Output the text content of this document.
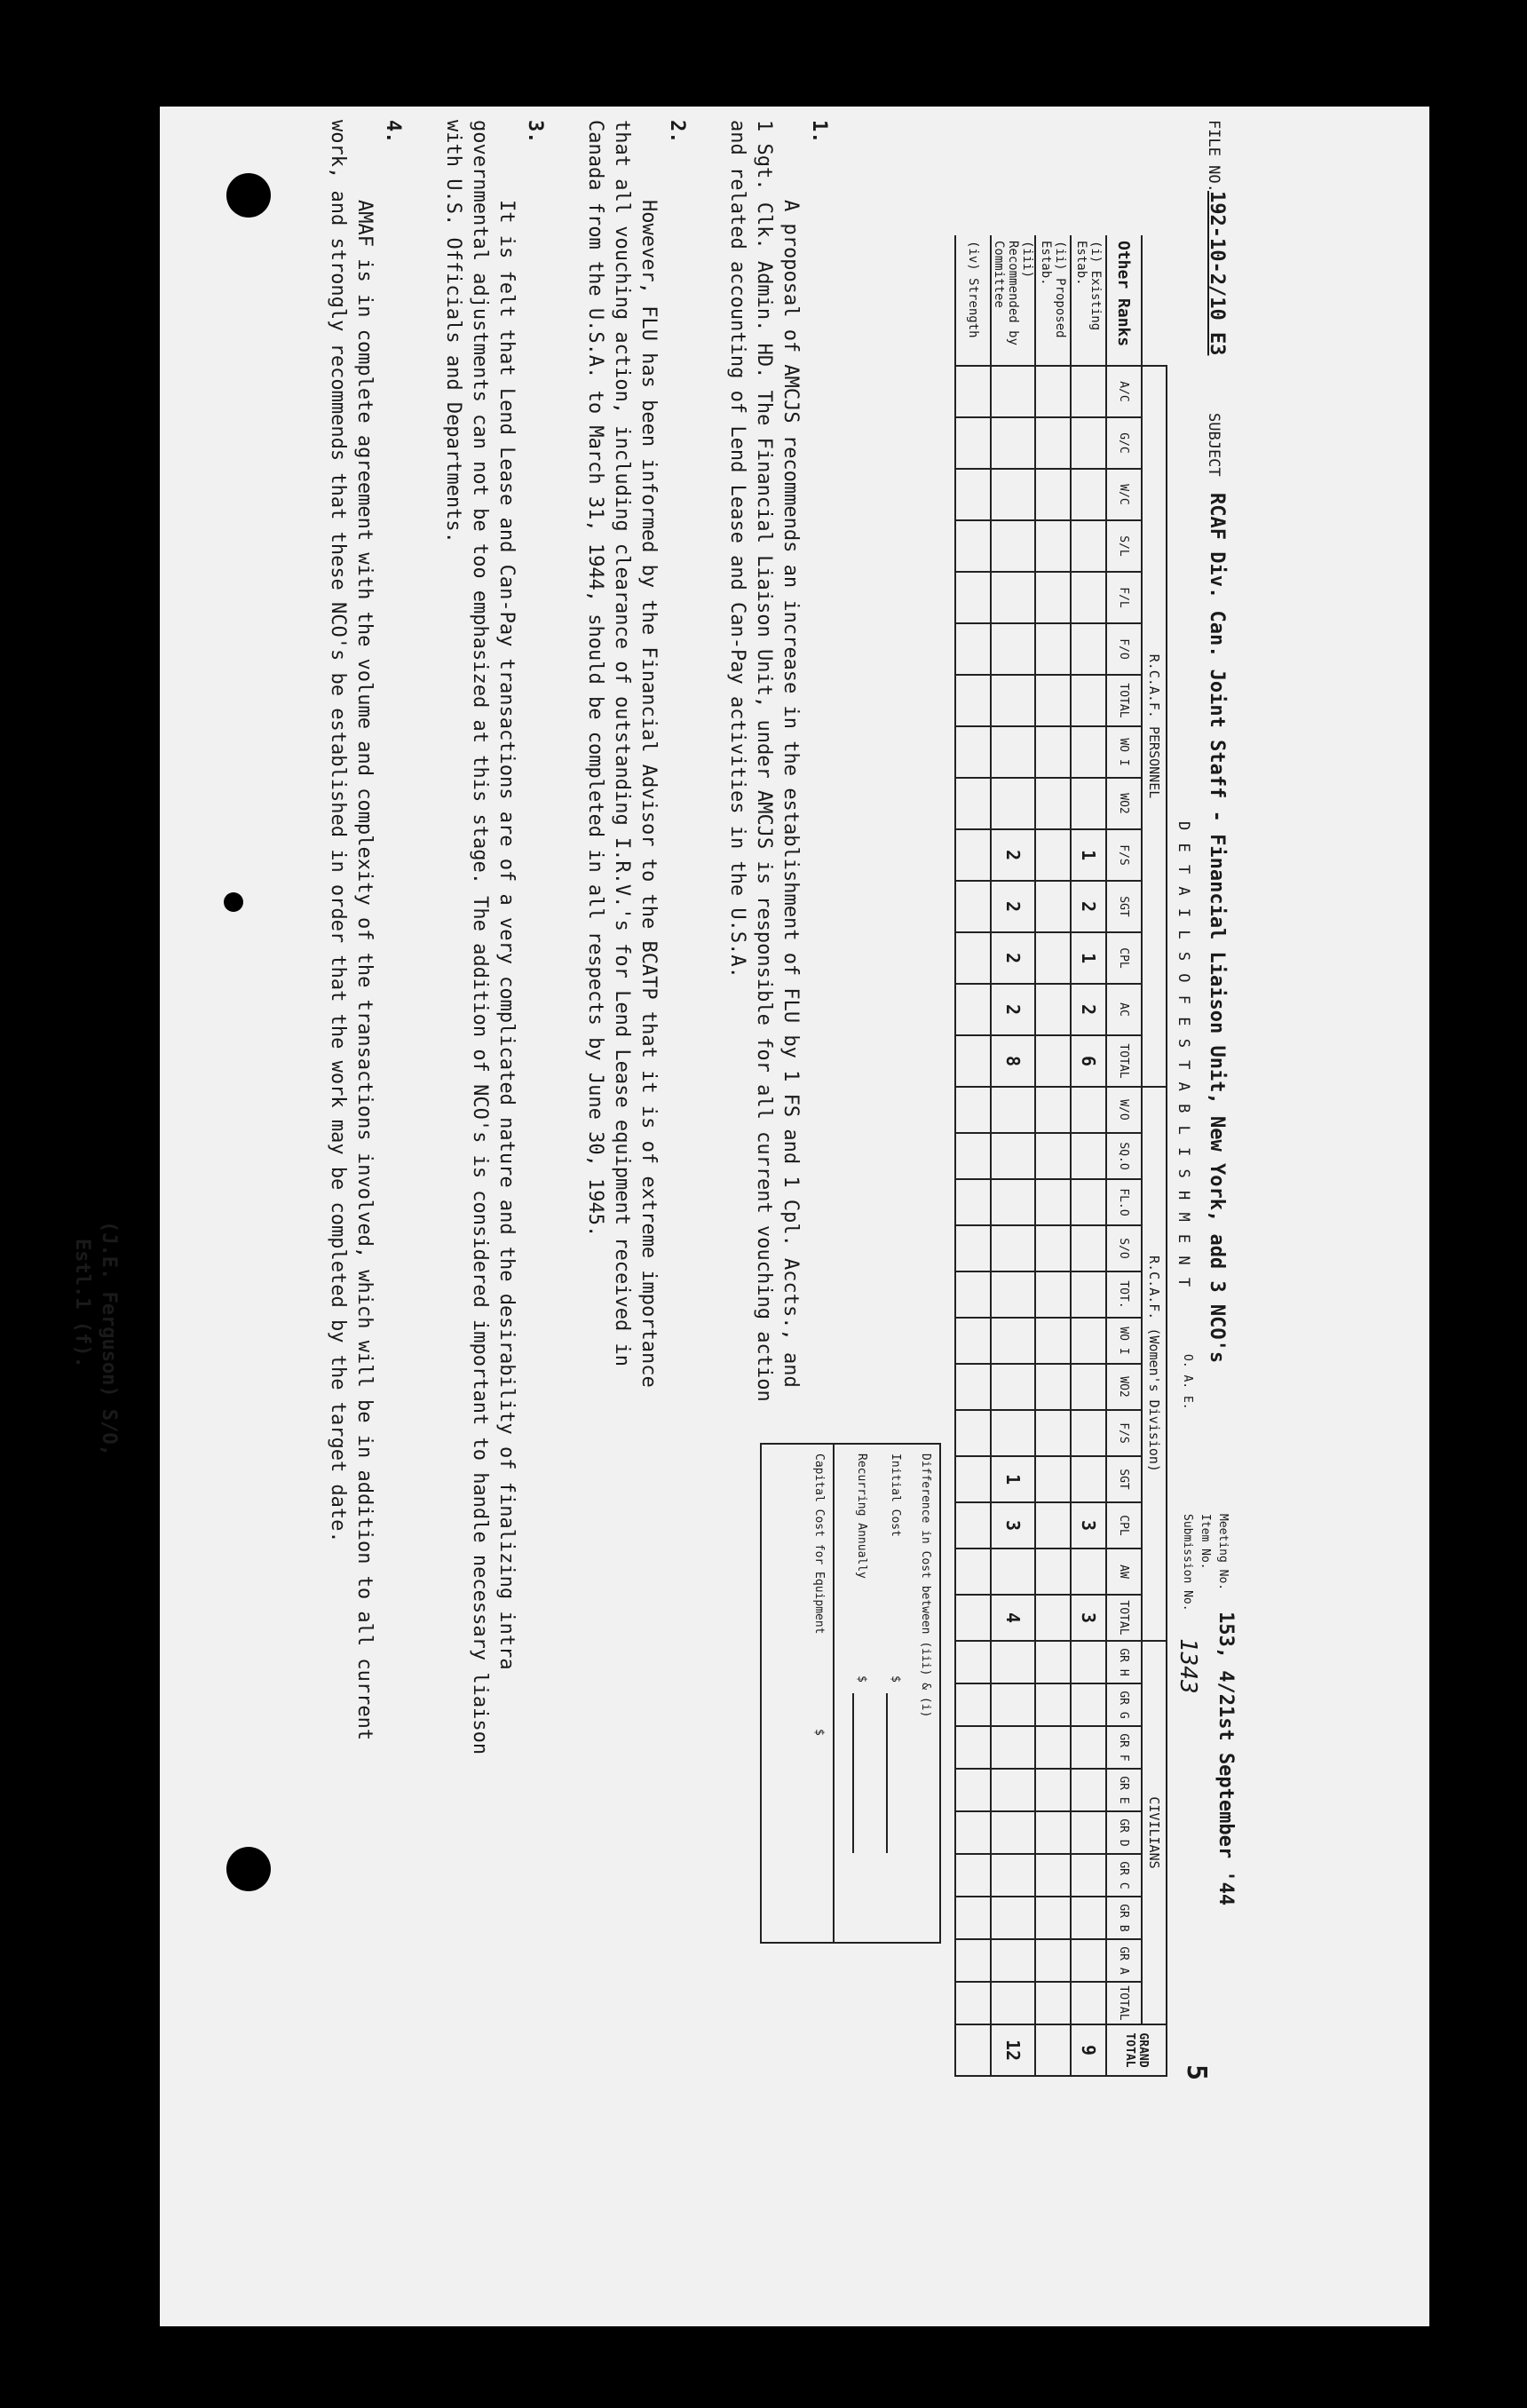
FILE NO.
192-10-2/10 E3
SUBJECT
RCAF Div. Can. Joint Staff - Financial Liaison Unit, New York, add 3 NCO's
Meeting No.
153, 4/21st September '44
Item No.
5
Submission No.
1343
O. A. E.
D E T A I L S O F E S T A B L I S H M E N T
	R.C.A.F. PERSONNEL														R.C.A.F. (Women's Division)												CIVILIANS									GRAND TOTAL
Other Ranks	A/C	G/C	W/C	S/L	F/L	F/O	TOTAL	WO I	WO2	F/S	SGT	CPL	AC	TOTAL	W/O	SQ.O	FL.O	S/O	TOT.	WO I	WO2	F/S	SGT	CPL	AW	TOTAL	GR H	GR G	GR F	GR E	GR D	GR C	GR B	GR A	TOTAL	
(i) Existing Estab.										1	2	1	2	6										3		3										9
(ii) Proposed Estab.																																				
(iii) Recommended by Committee										2	2	2	2	8									1	3		4										12
(iv) Strength																																				
Difference in Cost between (iii) & (i)
Initial Cost
$
Recurring Annually
$
Capital Cost for Equipment
$
1.
A proposal of AMCJS recommends an increase in the establishment of FLU by 1 FS and 1 Cpl. Accts., and
1 Sgt. Clk. Admin. HD. The Financial Liaison Unit, under AMCJS is responsible for all current vouching action
and related accounting of Lend Lease and Can-Pay activities in the U.S.A.
2.
However, FLU has been informed by the Financial Advisor to the BCATP that it is of extreme importance
that all vouching action, including clearance of outstanding I.R.V.'s for Lend Lease equipment received in
Canada from the U.S.A. to March 31, 1944, should be completed in all respects by June 30, 1945.
3.
It is felt that Lend Lease and Can-Pay transactions are of a very complicated nature and the desirability of finalizing intra
governmental adjustments can not be too emphasized at this stage. The addition of NCO's is considered important to handle necessary liaison
with U.S. Officials and Departments.
4.
AMAF is in complete agreement with the volume and complexity of the transactions involved, which will be in addition to all current
work, and strongly recommends that these NCO's be established in order that the work may be completed by the target date.
(J.E. Ferguson) S/O,
Estl.1 (f).
